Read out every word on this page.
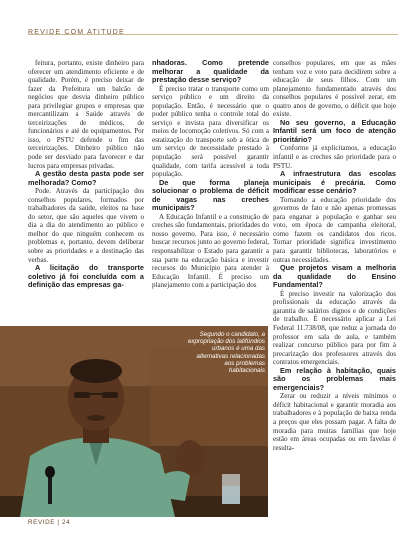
REVIDE COM ATITUDE

feitura, portanto, existe dinheiro para oferecer um atendimento eficiente e de qualidade. Porém, é preciso deixar de fazer da Prefeitura um balcão de negócios que desvia dinheiro público para privilegiar grupos e empresas que mercantilizam a Saúde através de terceirizações de médicos, de funcionários e até de equipamentos. Por isso, o PSTU defende o fim das terceirizações. Dinheiro público não pode ser desviado para favorecer e dar lucros para empresas privadas.

A gestão desta pasta pode ser melhorada? Como?

Pode. Através da participação dos conselhos populares, formados por trabalhadores da saúde, eleitos na base do setor, que são aqueles que vivem o dia a dia do atendimento ao público e melhor do que ninguém conhecem os problemas e, portanto, devem deliberar sobre as prioridades e a destinação das verbas.

A licitação do transporte coletivo já foi concluída com a definição das empresas ga-

nhadoras. Como pretende melhorar a qualidade da prestação desse serviço?

É preciso tratar o transporte como um serviço público e um direito da população. Então, é necessário que o poder público tenha o controle total do serviço e invista para diversificar os meios de locomoção coletivos. Só com a estatização do transporte sob a ótica de um serviço de necessidade prestado à população será possível garantir qualidade, com tarifa acessível a toda população.

De que forma planeja solucionar o problema de déficit de vagas nas creches municipais?

A Educação Infantil e a construção de creches são fundamentais, prioridades do nosso governo. Para isso, é necessário buscar recursos junto ao governo federal, responsabilizar o Estado para garantir a sua parte na educação básica e investir recursos do Município para atender à Educação Infantil. É preciso um planejamento com a participação dos

conselhos populares, em que as mães tenham voz e voto para decidirem sobre a educação de seus filhos. Com um planejamento fundamentado através dos conselhos populares é possível zerar, em quatro anos de governo, o déficit que hoje existe.

No seu governo, a Educação Infantil será um foco de atenção prioritário?

Conforme já explicitamos, a educação infantil e as creches são prioridade para o PSTU.

A infraestrutura das escolas municipais é precária. Como modificar esse cenário?

Tornando a educação prioridade dos governos de fato e não apenas promessas para enganar a população e ganhar seu voto, em época de campanha eleitoral, como fazem os candidatos dos ricos. Tornar prioridade significa investimento para garantir bibliotecas, laboratórios e outras necessidades.

Que projetos visam a melhoria da qualidade do Ensino Fundamental?

É preciso investir na valorização dos profissionais da educação através da garantia de salários dignos e de condições de trabalho. É necessário aplicar a Lei Federal 11.738/08, que reduz a jornada do professor em sala de aula, e também realizar concurso público para por fim à precarização dos professores através dos contratos emergenciais.

Em relação à habitação, quais são os problemas mais emergenciais?

Zerar ou reduzir a níveis mínimos o déficit habitacional e garantir moradia aos trabalhadores e à população de baixa renda a preços que eles possam pagar. A falta de moradia para muitas famílias que hoje estão em áreas ocupadas ou em favelas é resulta-

Segundo o candidato, a expropriação dos latifúndios urbanos é uma das alternativas relacionadas aos problemas habitacionais
REVIDE | 24
